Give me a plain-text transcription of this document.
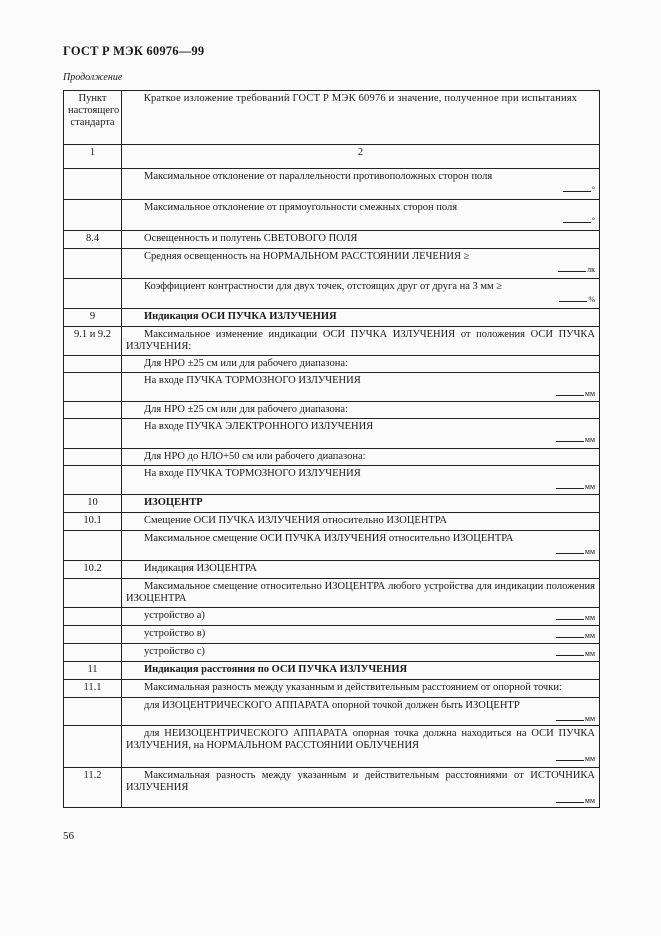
ГОСТ Р МЭК 60976—99
Продолжение
Пункт настоящего стандарта	Краткое изложение требований ГОСТ Р МЭК 60976 и значение, полученное при испытаниях
1	2

	Максимальное отклонение от параллельности противоположных сторон поля
°

	Максимальное отклонение от прямоугольности смежных сторон поля
°

8.4	Освещенность и полутень СВЕТОВОГО ПОЛЯ

	Средняя освещенность на НОРМАЛЬНОМ РАССТОЯНИИ ЛЕЧЕНИЯ ≥
лк

	Коэффициент контрастности для двух точек, отстоящих друг от друга на 3 мм ≥
%

9	Индикация ОСИ ПУЧКА ИЗЛУЧЕНИЯ

9.1 и 9.2	Максимальное изменение индикации ОСИ ПУЧКА ИЗЛУЧЕНИЯ от положения ОСИ ПУЧКА ИЗЛУЧЕНИЯ:

	Для НРО ±25 см или для рабочего диапазона:

	На входе ПУЧКА ТОРМОЗНОГО ИЗЛУЧЕНИЯ
мм

	Для НРО ±25 см или для рабочего диапазона:

	На входе ПУЧКА ЭЛЕКТРОННОГО ИЗЛУЧЕНИЯ
мм

	Для НРО до НЛО+50 см или рабочего диапазона:

	На входе ПУЧКА ТОРМОЗНОГО ИЗЛУЧЕНИЯ
мм

10	ИЗОЦЕНТР

10.1	Смещение ОСИ ПУЧКА ИЗЛУЧЕНИЯ относительно ИЗОЦЕНТРА

	Максимальное смещение ОСИ ПУЧКА ИЗЛУЧЕНИЯ относительно ИЗОЦЕНТРА
мм

10.2	Индикация ИЗОЦЕНТРА

	Максимальное смещение относительно ИЗОЦЕНТРА любого устройства для индикации положения ИЗОЦЕНТРА

	устройство а) мм

	устройство в) мм

	устройство с) мм

11	Индикация расстояния по ОСИ ПУЧКА ИЗЛУЧЕНИЯ

11.1	Максимальная разность между указанным и действительным расстоянием от опорной точки:

	для ИЗОЦЕНТРИЧЕСКОГО АППАРАТА опорной точкой должен быть ИЗОЦЕНТР
мм

	для НЕИЗОЦЕНТРИЧЕСКОГО АППАРАТА опорная точка должна находиться на ОСИ ПУЧКА ИЗЛУЧЕНИЯ, на НОРМАЛЬНОМ РАССТОЯНИИ ОБЛУЧЕНИЯ
мм

11.2	Максимальная разность между указанным и действительным расстояниями от ИСТОЧНИКА ИЗЛУЧЕНИЯ
мм
56
